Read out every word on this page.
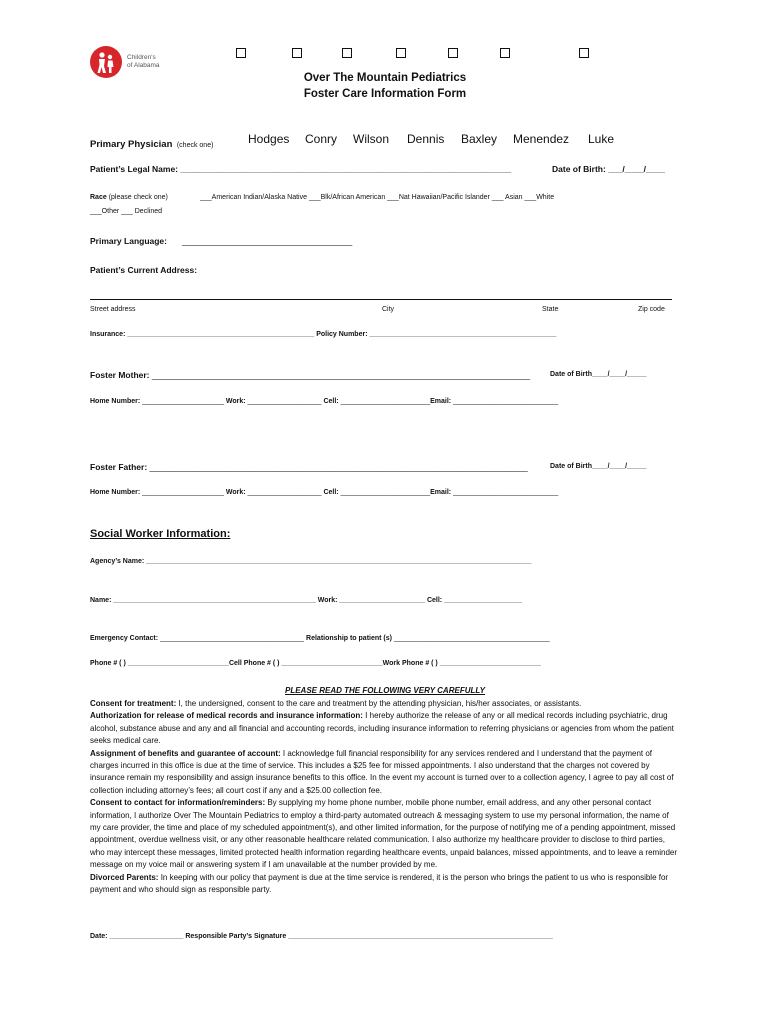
Children's
of Alabama
Over The Mountain Pediatrics
Foster Care Information Form
Primary Physician (check one)	Hodges Conry Wilson Dennis Baxley Menendez Luke
Patient’s Legal Name: ______________________________________________________________________	Date of Birth: ___/____/____
Race (please check one)	___American Indian/Alaska Native ___Blk/African American ___Nat Hawaiian/Pacific Islander ___ Asian ___White
___Other ___ Declined
Primary Language: ____________________________________
Patient’s Current Address:
Street address	City	State	Zip code
Insurance: ________________________________________________ Policy Number: ________________________________________________
Foster Mother: ________________________________________________________________________________	Date of Birth____/____/_____
Home Number: _____________________ Work: ___________________ Cell: _______________________Email: ___________________________
Foster Father: ________________________________________________________________________________	Date of Birth____/____/_____
Home Number: _____________________ Work: ___________________ Cell: _______________________Email: ___________________________
Social Worker Information:
Agency’s Name: ___________________________________________________________________________________________________
Name: ____________________________________________________ Work: ______________________ Cell: ____________________
Emergency Contact: _____________________________________ Relationship to patient (s) ________________________________________
Phone # ( ) __________________________Cell Phone # ( ) __________________________Work Phone # ( ) __________________________
PLEASE READ THE FOLLOWING VERY CAREFULLY
Consent for treatment: I, the undersigned, consent to the care and treatment by the attending physician, his/her associates, or assistants.
Authorization for release of medical records and insurance information: I hereby authorize the release of any or all medical records including psychiatric, drug alcohol, substance abuse and any and all financial and accounting records, including insurance information to referring physicians or agencies from whom the patient seeks medical care.
Assignment of benefits and guarantee of account: I acknowledge full financial responsibility for any services rendered and I understand that the payment of charges incurred in this office is due at the time of service. This includes a $25 fee for missed appointments. I also understand that the charges not covered by insurance remain my responsibility and assign insurance benefits to this office. In the event my account is turned over to a collection agency, I agree to pay all cost of collection including attorney’s fees; all court cost if any and a $25.00 collection fee.
Consent to contact for information/reminders: By supplying my home phone number, mobile phone number, email address, and any other personal contact information, I authorize Over The Mountain Pediatrics to employ a third-party automated outreach & messaging system to use my personal information, the name of my care provider, the time and place of my scheduled appointment(s), and other limited information, for the purpose of notifying me of a pending appointment, missed appointment, overdue wellness visit, or any other reasonable healthcare related communication. I also authorize my healthcare provider to disclose to third parties, who may intercept these messages, limited protected health information regarding healthcare events, unpaid balances, missed appointments, and to leave a reminder message on my voice mail or answering system if I am unavailable at the number provided by me.
Divorced Parents: In keeping with our policy that payment is due at the time service is rendered, it is the person who brings the patient to us who is responsible for payment and who should sign as responsible party.
Date: ___________________ Responsible Party’s Signature ____________________________________________________________________
